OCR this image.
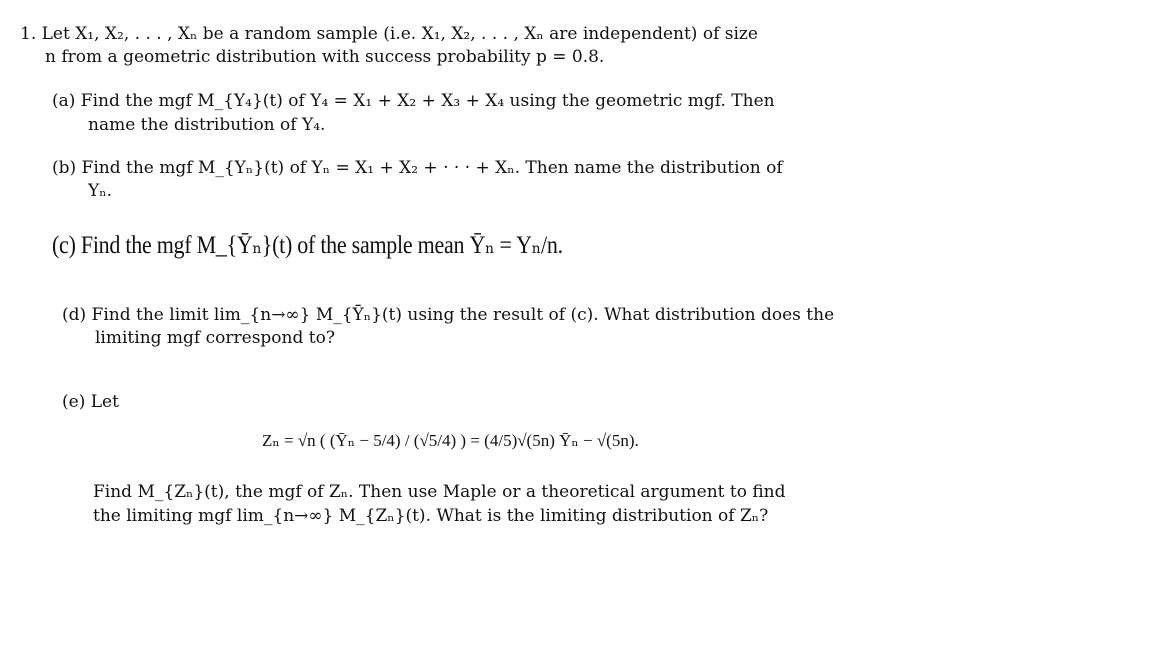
1. Let X₁, X₂, . . . , Xₙ be a random sample (i.e. X₁, X₂, . . . , Xₙ are independent) of size
n from a geometric distribution with success probability p = 0.8.
(a) Find the mgf M_{Y₄}(t) of Y₄ = X₁ + X₂ + X₃ + X₄ using the geometric mgf. Then
name the distribution of Y₄.
(b) Find the mgf M_{Yₙ}(t) of Yₙ = X₁ + X₂ + · · · + Xₙ. Then name the distribution of
Yₙ.
(c) Find the mgf M_{Ȳₙ}(t) of the sample mean Ȳₙ = Yₙ/n.
(d) Find the limit lim_{n→∞} M_{Ȳₙ}(t) using the result of (c). What distribution does the
limiting mgf correspond to?
(e) Let
Zₙ = √n ( (Ȳₙ − 5/4) / (√5/4) ) = (4/5)√(5n) Ȳₙ − √(5n).
Find M_{Zₙ}(t), the mgf of Zₙ. Then use Maple or a theoretical argument to find
the limiting mgf lim_{n→∞} M_{Zₙ}(t). What is the limiting distribution of Zₙ?
